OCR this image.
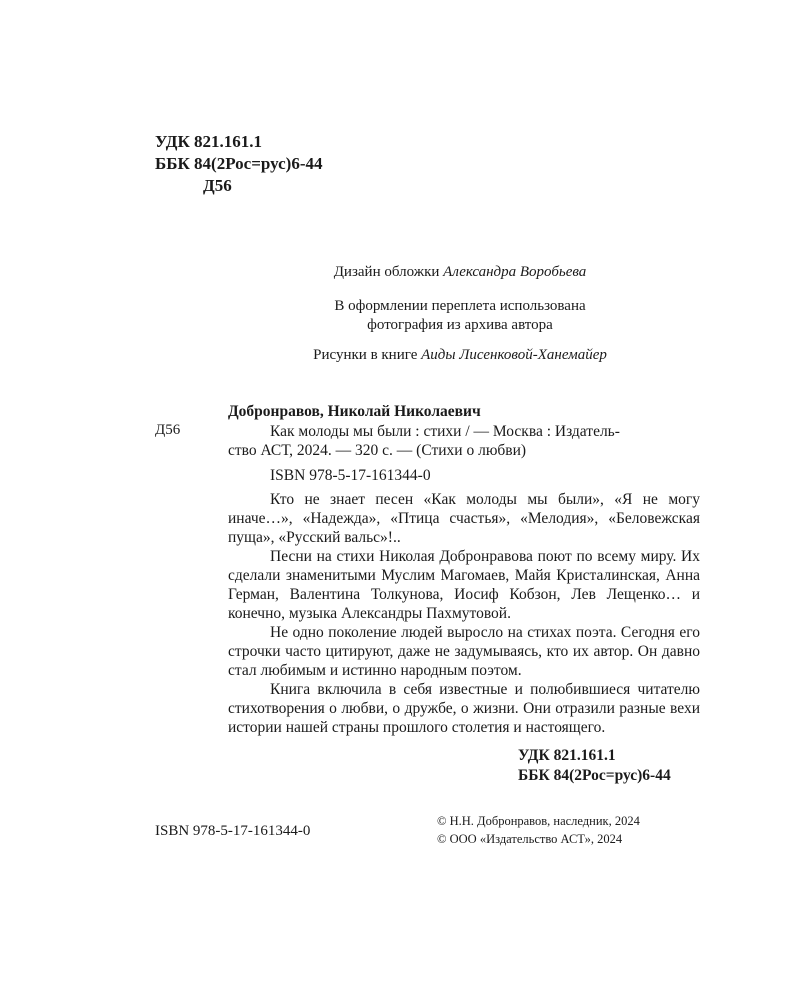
УДК 821.161.1
ББК 84(2Рос=рус)6-44
Д56
Дизайн обложки Александра Воробьева
В оформлении переплета использована
фотография из архива автора
Рисунки в книге Аиды Лисенковой-Ханемайер
Добронравов, Николай Николаевич
Д56	Как молоды мы были : стихи / — Москва : Издатель-
ство АСТ, 2024. — 320 с. — (Стихи о любви)
ISBN 978-5-17-161344-0

Кто не знает песен «Как молоды мы были», «Я не могу иначе…», «Надежда», «Птица счастья», «Мелодия», «Беловежская пуща», «Русский вальс»!..

Песни на стихи Николая Добронравова поют по всему миру. Их сделали знаменитыми Муслим Магомаев, Майя Кристалинская, Анна Герман, Валентина Толкунова, Иосиф Кобзон, Лев Лещенко… и конечно, музыка Александры Пахмутовой.

Не одно поколение людей выросло на стихах поэта. Сегодня его строчки часто цитируют, даже не задумываясь, кто их автор. Он давно стал любимым и истинно народным поэтом.

Книга включила в себя известные и полюбившиеся читателю стихотворения о любви, о дружбе, о жизни. Они отразили разные вехи истории нашей страны прошлого столетия и настоящего.

УДК 821.161.1
ББК 84(2Рос=рус)6-44
ISBN 978-5-17-161344-0
© Н.Н. Добронравов, наследник, 2024
© ООО «Издательство АСТ», 2024
